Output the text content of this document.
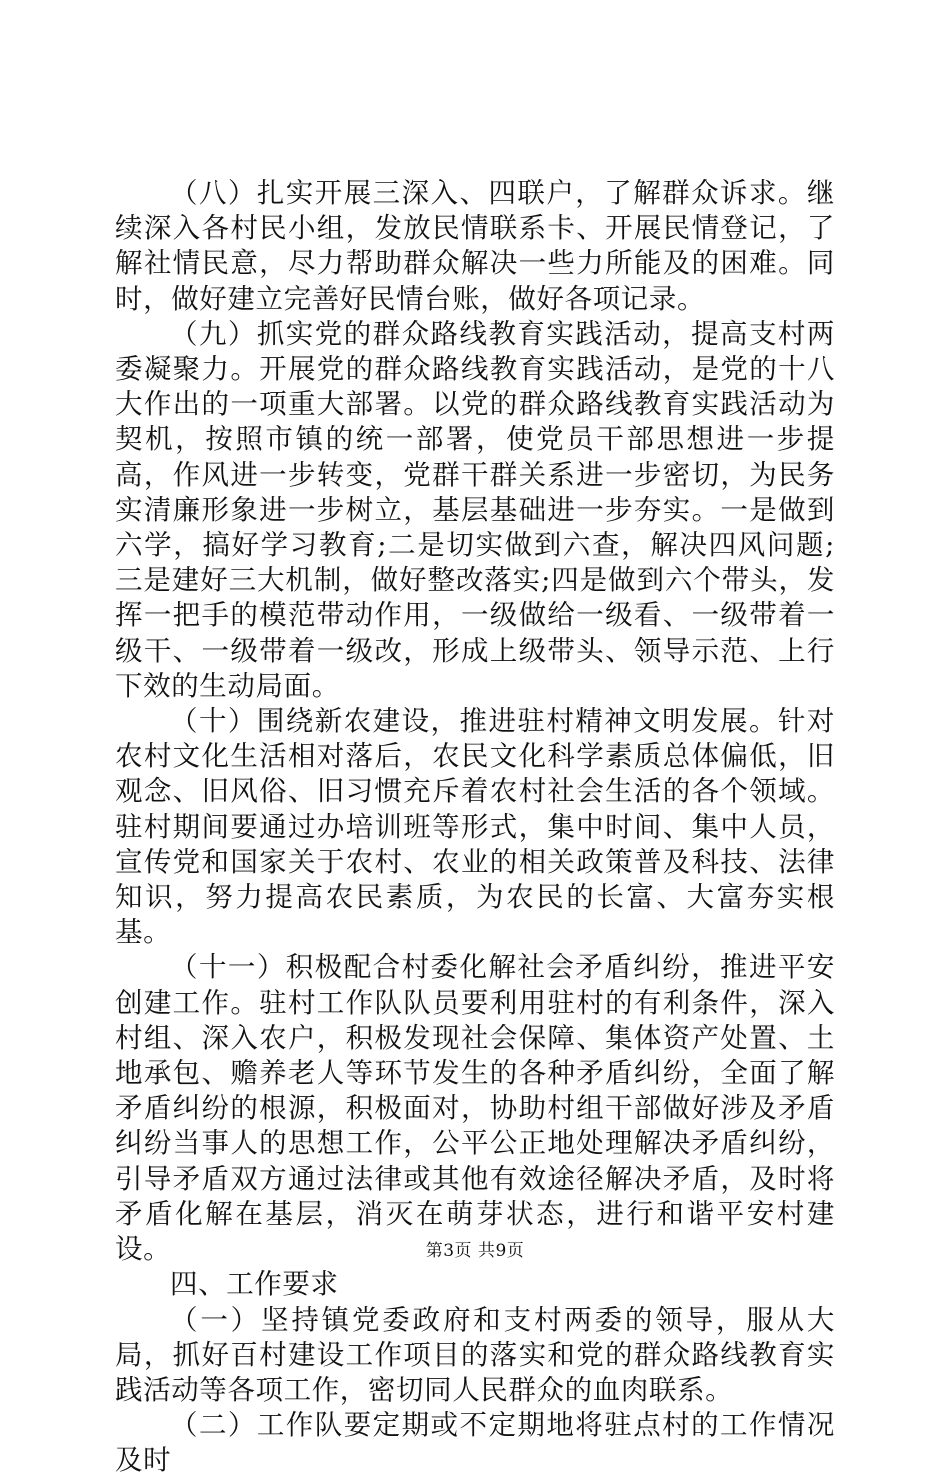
（八）扎实开展三深入、四联户，了解群众诉求。继续深入各村民小组，发放民情联系卡、开展民情登记，了解社情民意，尽力帮助群众解决一些力所能及的困难。同时，做好建立完善好民情台账，做好各项记录。

（九）抓实党的群众路线教育实践活动，提高支村两委凝聚力。开展党的群众路线教育实践活动，是党的十八大作出的一项重大部署。以党的群众路线教育实践活动为契机，按照市镇的统一部署，使党员干部思想进一步提高，作风进一步转变，党群干群关系进一步密切，为民务实清廉形象进一步树立，基层基础进一步夯实。一是做到六学，搞好学习教育;二是切实做到六查，解决四风问题;三是建好三大机制，做好整改落实;四是做到六个带头，发挥一把手的模范带动作用，一级做给一级看、一级带着一级干、一级带着一级改，形成上级带头、领导示范、上行下效的生动局面。

（十）围绕新农建设，推进驻村精神文明发展。针对农村文化生活相对落后，农民文化科学素质总体偏低，旧观念、旧风俗、旧习惯充斥着农村社会生活的各个领域。驻村期间要通过办培训班等形式，集中时间、集中人员，宣传党和国家关于农村、农业的相关政策普及科技、法律知识，努力提高农民素质，为农民的长富、大富夯实根基。

（十一）积极配合村委化解社会矛盾纠纷，推进平安创建工作。驻村工作队队员要利用驻村的有利条件，深入村组、深入农户，积极发现社会保障、集体资产处置、土地承包、赡养老人等环节发生的各种矛盾纠纷，全面了解矛盾纠纷的根源，积极面对，协助村组干部做好涉及矛盾纠纷当事人的思想工作，公平公正地处理解决矛盾纠纷，引导矛盾双方通过法律或其他有效途径解决矛盾，及时将矛盾化解在基层，消灭在萌芽状态，进行和谐平安村建设。

四、工作要求

（一）坚持镇党委政府和支村两委的领导，服从大局，抓好百村建设工作项目的落实和党的群众路线教育实践活动等各项工作，密切同人民群众的血肉联系。

（二）工作队要定期或不定期地将驻点村的工作情况及时

第3页 共9页
